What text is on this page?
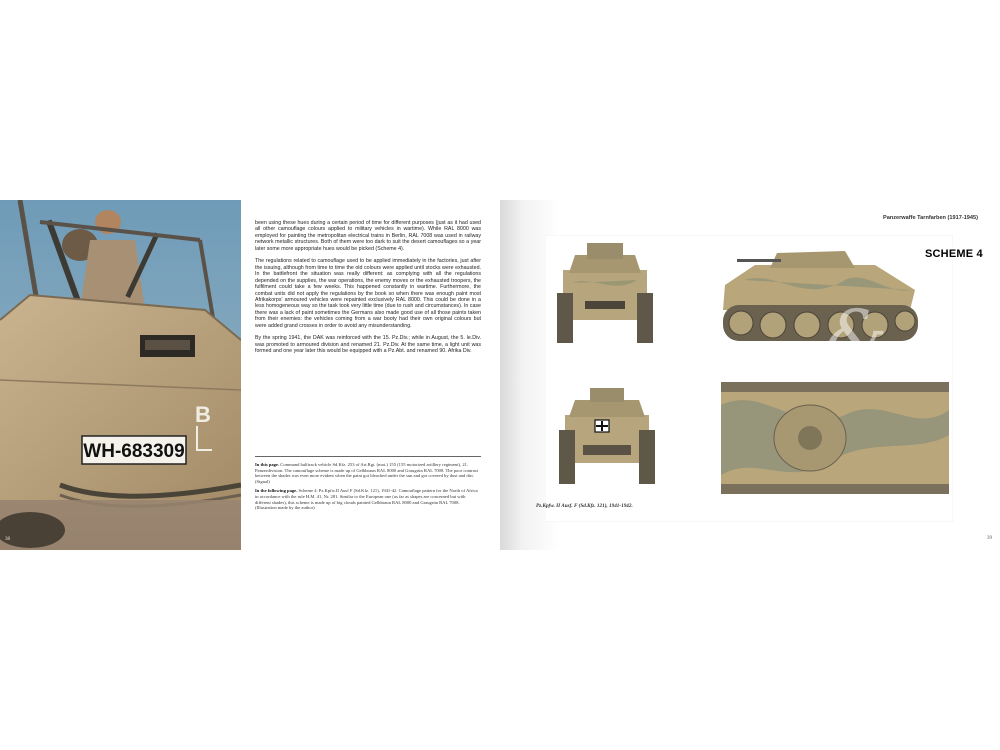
WH-683309
B

been using these hues during a certain period of time for different purposes (just as it had used all other camouflage colours applied to military vehicles in wartime). While RAL 8000 was employed for painting the metropolitan electrical trains in Berlin, RAL 7008 was used in railway network metallic structures. Both of them were too dark to suit the desert camouflages so a year later some more appropriate hues would be picked (Scheme 4).

The regulations related to camouflage used to be applied immediately in the factories, just after the issuing, although from time to time the old colours were applied until stocks were exhausted. In the battlefront the situation was really different: as complying with all the regulations depended on the supplies, the war operations, the enemy moves or the exhausted troopers, the fulfilment could take a few weeks. This happened constantly in wartime. Furthermore, the combat units did not apply the regulations by the book so when there was enough paint most Afrikakorps' armoured vehicles were repainted exclusively RAL 8000. This could be done in a less homogeneous way so the task took very little time (due to rush and circumstances). In case there was a lack of paint sometimes the Germans also made good use of all those paints taken from their enemies: the vehicles coming from a war booty had their own original colours but were added grand crosses in order to avoid any misunderstanding.

By the spring 1941, the DAK was reinforced with the 15. Pz.Div.; while in August, the 5. le.Div. was promoted to armoured division and renamed 21. Pz.Div. At the same time, a light unit was formed and one year later this would be equipped with a Pz.Abt. and renamed 90. Afrika Div.

In this page. Command halftrack vehicle Sd.Kfz. 253 of Art.Rgt. (mot.) 155 (155 motorized artillery regiment), 21. Panzerdivision. The camouflage scheme is made up of Gelbbraun RAL 8000 and Graugrün RAL 7008. The poor contrast between the shades was even more evident when the paint got bleached under the sun and got covered by dust and dirt. (Signal)

In the following page. Scheme 4. Pz.Kpfw.II Ausf F (Sd.Kfz. 121), 1941-42. Camouflage pattern for the North of Africa in accordance with the rule H.M. 41, Nr. 281. Similar to the European one (as far as shapes are concerned but with different shades), this scheme is made up of big clouds painted Gelbbraun RAL 8000 and Graugrün RAL 7008. (Illustration made by the author)

38
Panzerwaffe Tarnfarben (1917-1945)
39
&
SCHEME 4
Pz.Kpfw. II Ausf. F (Sd.Kfz. 121), 1941-1942.
